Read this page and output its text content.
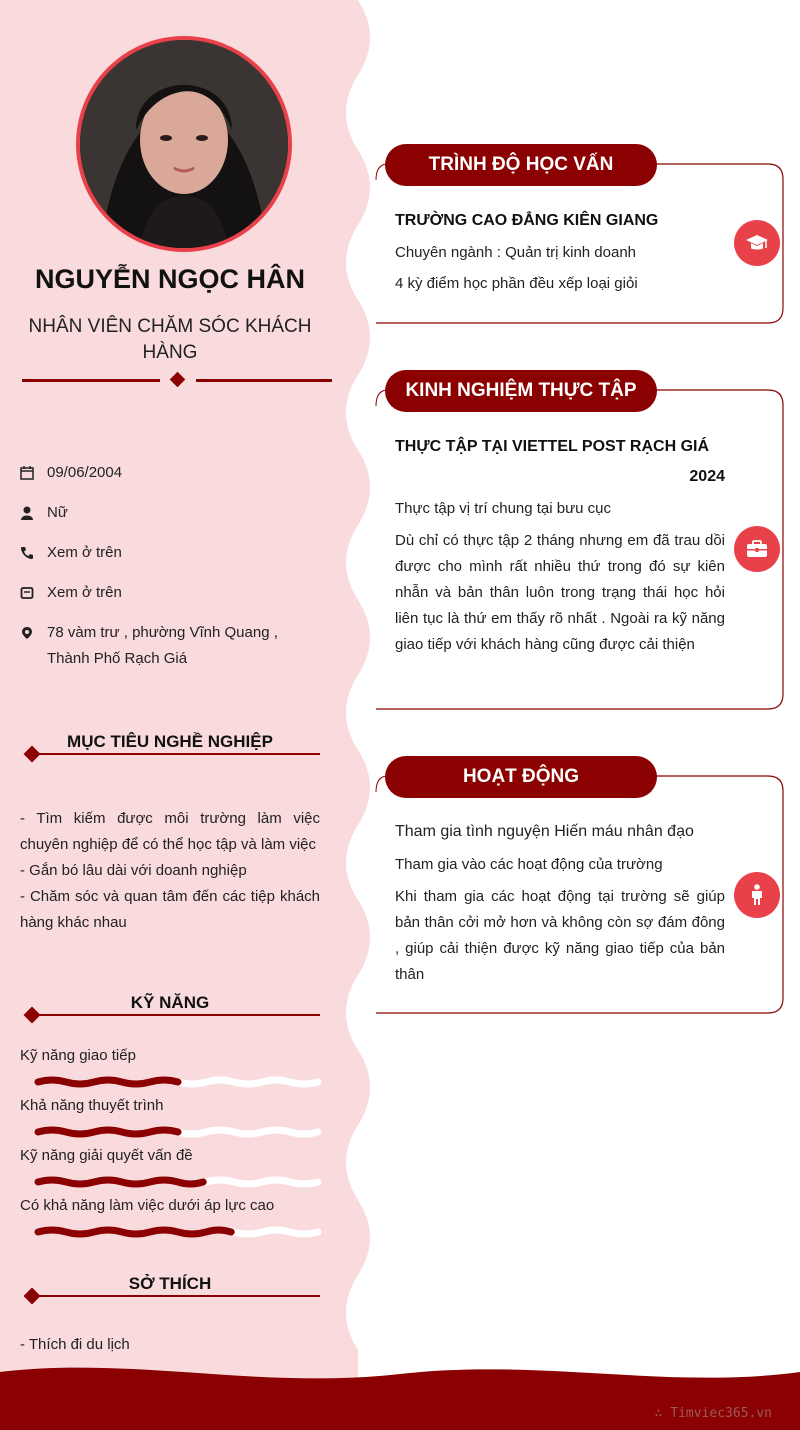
NGUYỄN NGỌC HÂN
NHÂN VIÊN CHĂM SÓC KHÁCH HÀNG
09/06/2004
Nữ
Xem ở trên
Xem ở trên
78 vàm trư , phường Vĩnh Quang , Thành Phố Rạch Giá
MỤC TIÊU NGHỀ NGHIỆP
- Tìm kiếm được môi trường làm việc chuyên nghiệp để có thể học tập và làm việc
- Gắn bó lâu dài với doanh nghiệp
- Chăm sóc và quan tâm đến các tiệp khách hàng khác nhau
KỸ NĂNG
Kỹ năng giao tiếp
Khả năng thuyết trình
Kỹ năng giải quyết vấn đề
Có khả năng làm việc dưới áp lực cao
SỞ THÍCH
- Thích đi du lịch
TRÌNH ĐỘ HỌC VẤN
TRƯỜNG CAO ĐẲNG KIÊN GIANG
Chuyên ngành : Quản trị kinh doanh
4 kỳ điểm học phần đều xếp loại giỏi
KINH NGHIỆM THỰC TẬP
THỰC TẬP TẠI VIETTEL POST RẠCH GIÁ
2024
Thực tập vị trí chung tại bưu cục
Dù chỉ có thực tập 2 tháng nhưng em đã trau dồi được cho mình rất nhiều thứ trong đó sự kiên nhẫn và bản thân luôn trong trạng thái học hỏi liên tục là thứ em thấy rõ nhất . Ngoài ra kỹ năng giao tiếp với khách hàng cũng được cải thiện
HOẠT ĐỘNG
Tham gia tình nguyện Hiến máu nhân đạo
Tham gia vào các hoạt động của trường
Khi tham gia các hoạt động tại trường sẽ giúp bản thân cởi mở hơn và không còn sợ đám đông , giúp cải thiện được kỹ năng giao tiếp của bản thân
∴ Timviec365.vn
